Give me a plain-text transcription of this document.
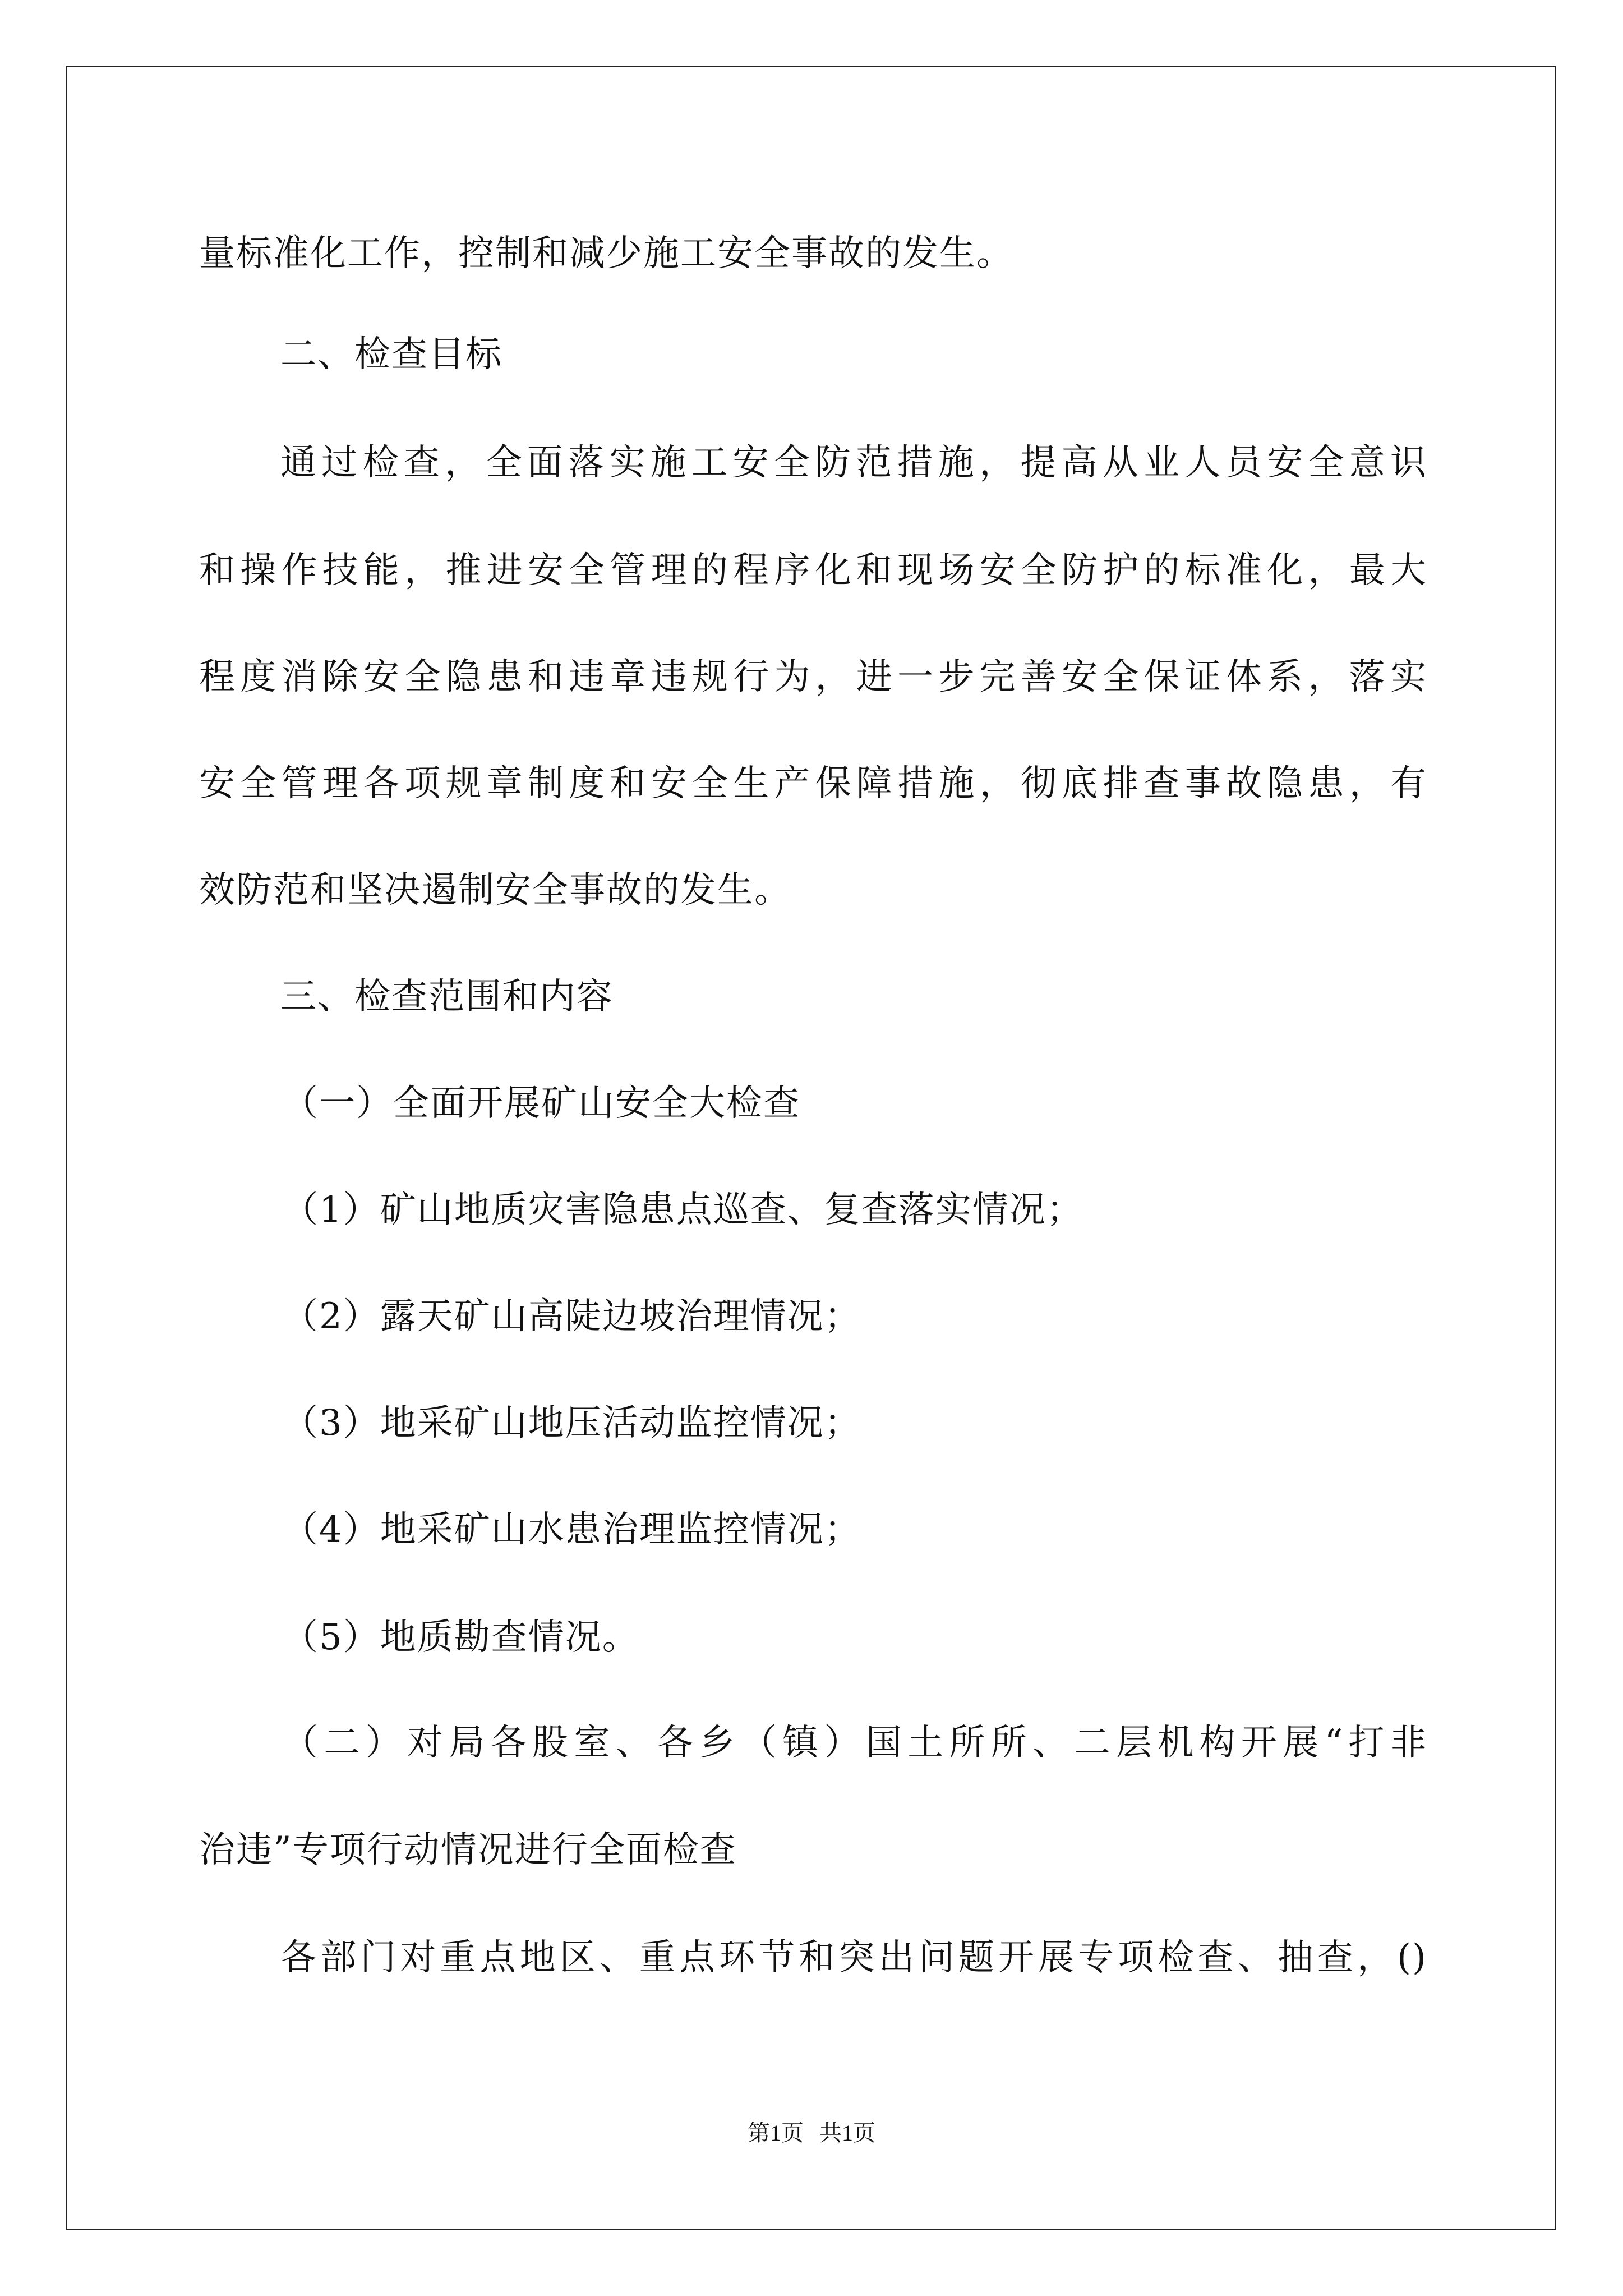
量标准化工作，控制和减少施工安全事故的发生。
二、检查目标
通过检查，全面落实施工安全防范措施，提高从业人员安全意识
和操作技能，推进安全管理的程序化和现场安全防护的标准化，最大
程度消除安全隐患和违章违规行为，进一步完善安全保证体系，落实
安全管理各项规章制度和安全生产保障措施，彻底排查事故隐患，有
效防范和坚决遏制安全事故的发生。
三、检查范围和内容
（一）全面开展矿山安全大检查
（1）矿山地质灾害隐患点巡查、复查落实情况；
（2）露天矿山高陡边坡治理情况；
（3）地采矿山地压活动监控情况；
（4）地采矿山水患治理监控情况；
（5）地质勘查情况。
（二）对局各股室、各乡（镇）国土所所、二层机构开展“打非
治违”专项行动情况进行全面检查
各部门对重点地区、重点环节和突出问题开展专项检查、抽查，()
第1页 共1页
